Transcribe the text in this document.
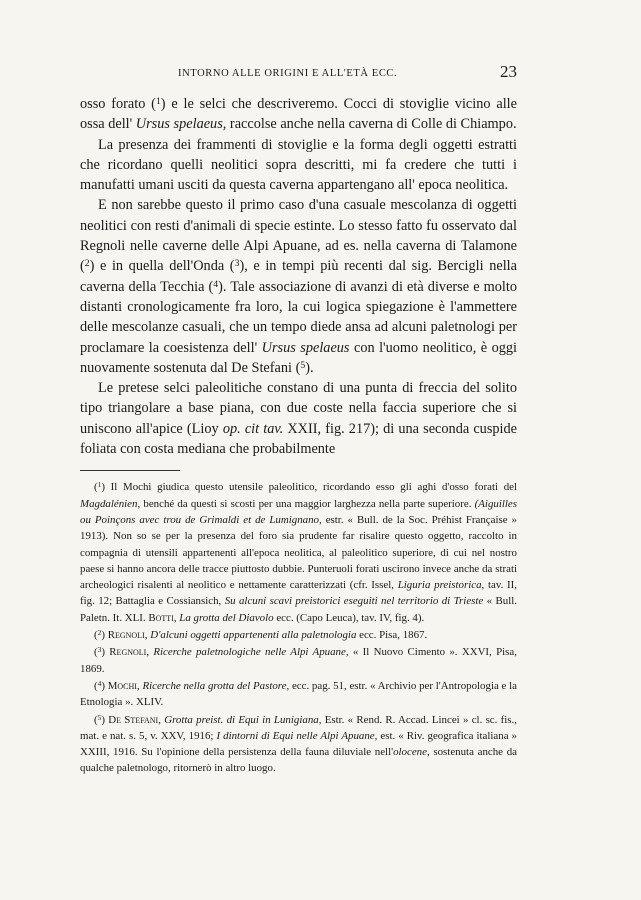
INTORNO ALLE ORIGINI E ALL'ETÀ ECC.	23

osso forato ($^1$) e le selci che descriveremo. Cocci di stoviglie vicino alle ossa dell' Ursus spelaeus, raccolse anche nella caverna di Colle di Chiampo.

La presenza dei frammenti di stoviglie e la forma degli oggetti estratti che ricordano quelli neolitici sopra descritti, mi fa credere che tutti i manufatti umani usciti da questa caverna appartengano all' epoca neolitica.

E non sarebbe questo il primo caso d'una casuale mescolanza di oggetti neolitici con resti d'animali di specie estinte. Lo stesso fatto fu osservato dal Regnoli nelle caverne delle Alpi Apuane, ad es. nella caverna di Talamone ($^2$) e in quella dell'Onda ($^3$), e in tempi più recenti dal sig. Bercigli nella caverna della Tecchia ($^4$). Tale associazione di avanzi di età diverse e molto distanti cronologicamente fra loro, la cui logica spiegazione è l'ammettere delle mescolanze casuali, che un tempo diede ansa ad alcuni paletnologi per proclamare la coesistenza dell' Ursus spelaeus con l'uomo neolitico, è oggi nuovamente sostenuta dal De Stefani ($^5$).

Le pretese selci paleolitiche constano di una punta di freccia del solito tipo triangolare a base piana, con due coste nella faccia superiore che si uniscono all'apice (Lioy op. cit tav. XXII, fig. 217); di una seconda cuspide foliata con costa mediana che probabilmente

($^1$) Il Mochi giudica questo utensile paleolitico, ricordando esso gli aghi d'osso forati del Magdalénien, benché da questi si scosti per una maggior larghezza nella parte superiore. (Aiguilles ou Poinçons avec trou de Grimaldi et de Lumignano, estr. « Bull. de la Soc. Préhist Française » 1913). Non so se per la presenza del foro sia prudente far risalire questo oggetto, raccolto in compagnia di utensili appartenenti all'epoca neolitica, al paleolitico superiore, di cui nel nostro paese si hanno ancora delle tracce piuttosto dubbie. Punteruoli forati uscirono invece anche da strati archeologici risalenti al neolitico e nettamente caratterizzati (cfr. Issel, Liguria preistorica, tav. II, fig. 12; Battaglia e Cossiansich, Su alcuni scavi preistorici eseguiti nel territorio di Trieste « Bull. Paletn. It. XLI. Botti, La grotta del Diavolo ecc. (Capo Leuca), tav. IV, fig. 4).

($^2$) Regnoli, D'alcuni oggetti appartenenti alla paletnologia ecc. Pisa, 1867.

($^3$) Regnoli, Ricerche paletnologiche nelle Alpi Apuane, « Il Nuovo Cimento ». XXVI, Pisa, 1869.

($^4$) Mochi, Ricerche nella grotta del Pastore, ecc. pag. 51, estr. « Archivio per l'Antropologia e la Etnologia ». XLIV.

($^5$) De Stefani, Grotta preist. di Equi in Lunigiana, Estr. « Rend. R. Accad. Lincei » cl. sc. fis., mat. e nat. s. 5, v. XXV, 1916; I dintorni di Equi nelle Alpi Apuane, est. « Riv. geografica italiana » XXIII, 1916. Su l'opinione della persistenza della fauna diluviale nell'olocene, sostenuta anche da qualche paletnologo, ritornerò in altro luogo.
